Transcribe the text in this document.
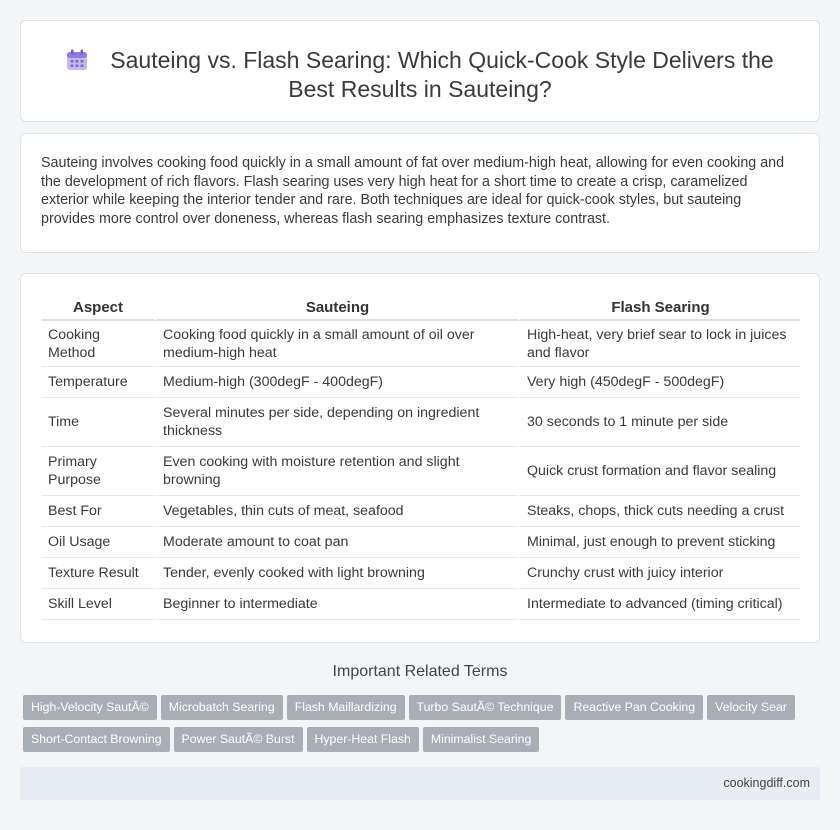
Sauteing vs. Flash Searing: Which Quick-Cook Style Delivers the Best Results in Sauteing?

Sauteing involves cooking food quickly in a small amount of fat over medium-high heat, allowing for even cooking and the development of rich flavors. Flash searing uses very high heat for a short time to create a crisp, caramelized exterior while keeping the interior tender and rare. Both techniques are ideal for quick-cook styles, but sauteing provides more control over doneness, whereas flash searing emphasizes texture contrast.

Aspect	Sauteing	Flash Searing
Cooking Method	Cooking food quickly in a small amount of oil over medium-high heat	High-heat, very brief sear to lock in juices and flavor
Temperature	Medium-high (300degF - 400degF)	Very high (450degF - 500degF)
Time	Several minutes per side, depending on ingredient thickness	30 seconds to 1 minute per side
Primary Purpose	Even cooking with moisture retention and slight browning	Quick crust formation and flavor sealing
Best For	Vegetables, thin cuts of meat, seafood	Steaks, chops, thick cuts needing a crust
Oil Usage	Moderate amount to coat pan	Minimal, just enough to prevent sticking
Texture Result	Tender, evenly cooked with light browning	Crunchy crust with juicy interior
Skill Level	Beginner to intermediate	Intermediate to advanced (timing critical)
Important Related Terms
High-Velocity SautÃ© Microbatch Searing Flash Maillardizing Turbo SautÃ© Technique Reactive Pan Cooking Velocity Sear
Short-Contact Browning Power SautÃ© Burst Hyper-Heat Flash Minimalist Searing
cookingdiff.com
